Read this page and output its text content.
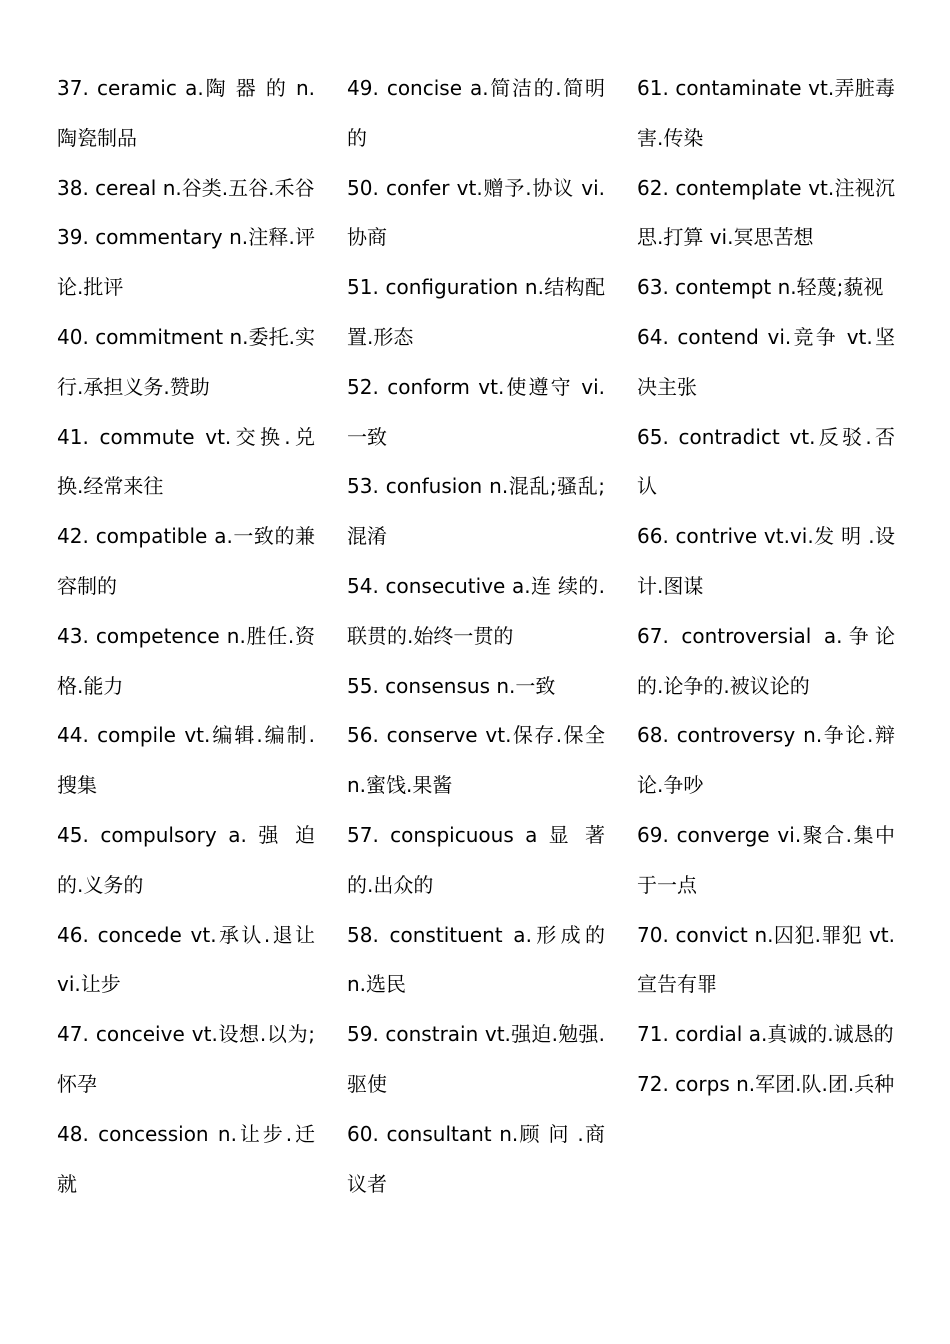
37. ceramic a.陶 器 的 n.陶瓷制品

38. cereal n.谷类.五谷.禾谷

39. commentary n.注释.评论.批评

40. commitment n.委托.实行.承担义务.赞助

41. commute vt.交换.兑换.经常来往

42. compatible a.一致的兼容制的

43. competence n.胜任.资格.能力

44. compile vt.编辑.编制.搜集

45. compulsory a. 强 迫的.义务的

46. concede vt.承认.退让 vi.让步

47. conceive vt.设想.以为;怀孕

48. concession n.让步.迁就

49. concise a.简洁的.简明的

50. confer vt.赠予.协议 vi.协商

51. configuration n.结构配置.形态

52. conform vt.使遵守 vi.一致

53. confusion n.混乱;骚乱;混淆

54. consecutive a.连 续的.联贯的.始终一贯的

55. consensus n.一致

56. conserve vt.保存.保全 n.蜜饯.果酱

57. conspicuous a 显 著的.出众的

58. constituent a.形成的 n.选民

59. constrain vt.强迫.勉强.驱使

60. consultant n.顾 问 .商议者

61. contaminate vt.弄脏毒害.传染

62. contemplate vt.注视沉思.打算 vi.冥思苦想

63. contempt n.轻蔑;藐视

64. contend vi.竞争 vt.坚决主张

65. contradict vt.反驳.否认

66. contrive vt.vi.发 明 .设计.图谋

67. controversial a.争论的.论争的.被议论的

68. controversy n.争论.辩论.争吵

69. converge vi.聚合.集中于一点

70. convict n.囚犯.罪犯 vt.宣告有罪

71. cordial a.真诚的.诚恳的

72. corps n.军团.队.团.兵种
